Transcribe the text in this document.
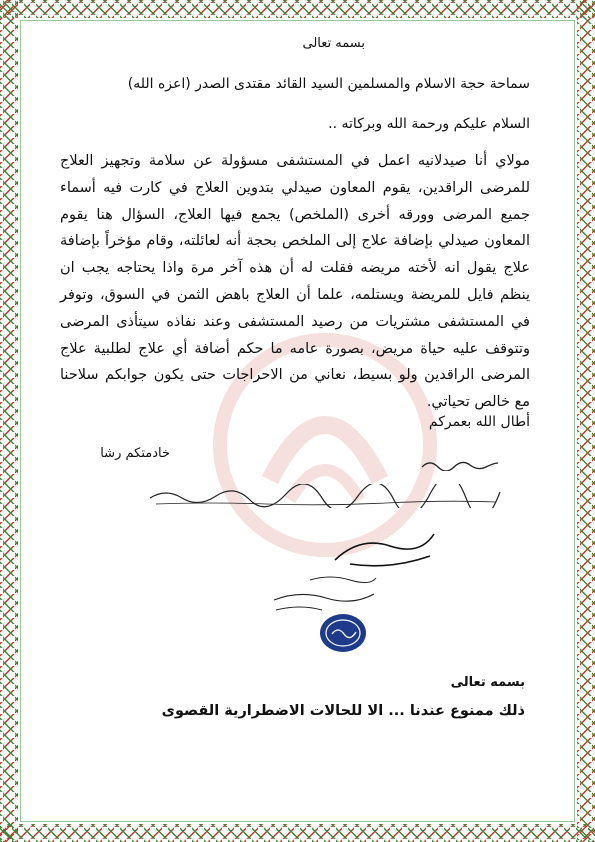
بسمه تعالى
سماحة حجة الاسلام والمسلمين السيد القائد مقتدى الصدر (اعزه الله)
السلام عليكم ورحمة الله وبركاته ..
مولاي أنا صيدلانيه اعمل في المستشفى مسؤولة عن سلامة وتجهيز العلاج للمرضى الراقدين، يقوم المعاون صيدلي بتدوين العلاج في كارت فيه أسماء جميع المرضى وورقه أخرى (الملخص) يجمع فيها العلاج، السؤال هنا يقوم المعاون صيدلي بإضافة علاج إلى الملخص بحجة أنه لعائلته، وقام مؤخراً بإضافة علاج يقول انه لأخته مريضه فقلت له أن هذه آخر مرة واذا يحتاجه يجب ان ينظم فايل للمريضة ويستلمه، علما أن العلاج باهض الثمن في السوق، وتوفر في المستشفى مشتريات من رصيد المستشفى وعند نفاذه سيتأذى المرضى وتتوقف عليه حياة مريض، بصورة عامه ما حكم أضافة أي علاج لطلبية علاج المرضى الراقدين ولو بسيط، نعاني من الاحراجات حتى يكون جوابكم سلاحنا مع خالص تحياتي.
أطال الله بعمركم
خادمتكم رشا
بسمه تعالى
ذلك ممنوع عندنا ... الا للحالات الاضطرارية القصوى
